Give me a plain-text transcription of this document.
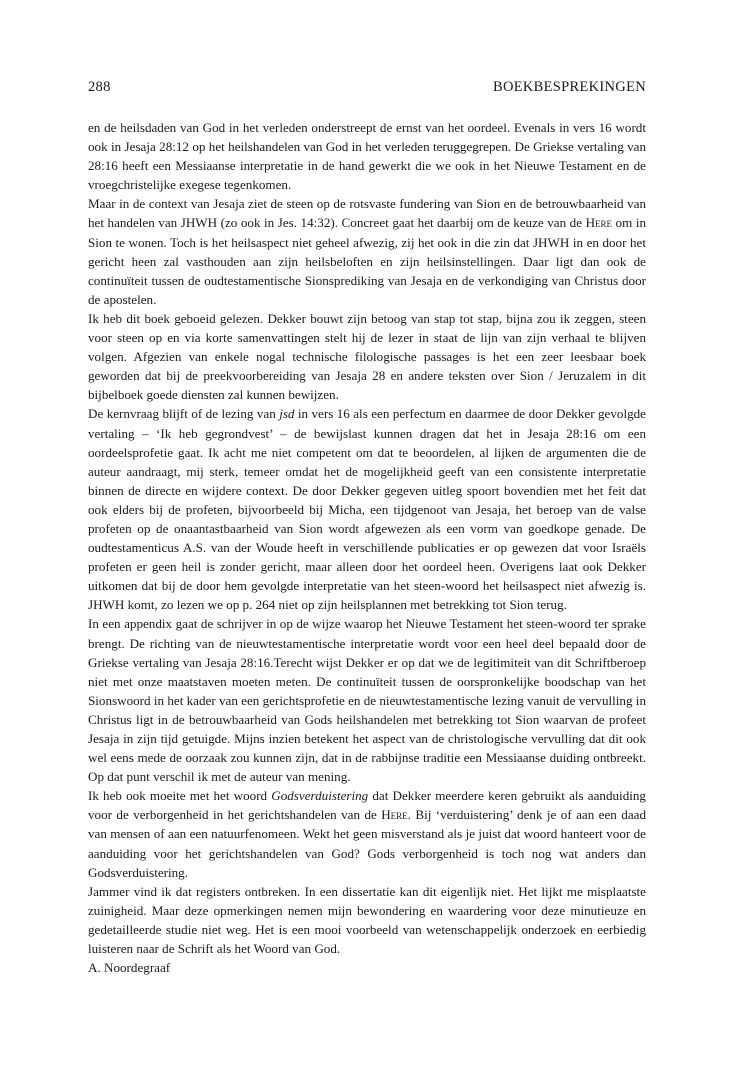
288	BOEKBESPREKINGEN

en de heilsdaden van God in het verleden onderstreept de ernst van het oordeel. Evenals in vers 16 wordt ook in Jesaja 28:12 op het heilshandelen van God in het verleden teruggegrepen. De Griekse vertaling van 28:16 heeft een Messiaanse interpretatie in de hand gewerkt die we ook in het Nieuwe Testament en de vroegchristelijke exegese tegenkomen.

Maar in de context van Jesaja ziet de steen op de rotsvaste fundering van Sion en de betrouwbaarheid van het handelen van JHWH (zo ook in Jes. 14:32). Concreet gaat het daarbij om de keuze van de Here om in Sion te wonen. Toch is het heilsaspect niet geheel afwezig, zij het ook in die zin dat JHWH in en door het gericht heen zal vasthouden aan zijn heilsbeloften en zijn heilsinstellingen. Daar ligt dan ook de continuïteit tussen de oudtestamentische Sionsprediking van Jesaja en de verkondiging van Christus door de apostelen.

Ik heb dit boek geboeid gelezen. Dekker bouwt zijn betoog van stap tot stap, bijna zou ik zeggen, steen voor steen op en via korte samenvattingen stelt hij de lezer in staat de lijn van zijn verhaal te blijven volgen. Afgezien van enkele nogal technische filologische passages is het een zeer leesbaar boek geworden dat bij de preekvoorbereiding van Jesaja 28 en andere teksten over Sion / Jeruzalem in dit bijbelboek goede diensten zal kunnen bewijzen.

De kernvraag blijft of de lezing van jsd in vers 16 als een perfectum en daarmee de door Dekker gevolgde vertaling – ‘Ik heb gegrondvest’ – de bewijslast kunnen dragen dat het in Jesaja 28:16 om een oordeelsprofetie gaat. Ik acht me niet competent om dat te beoordelen, al lijken de argumenten die de auteur aandraagt, mij sterk, temeer omdat het de mogelijkheid geeft van een consistente interpretatie binnen de directe en wijdere context. De door Dekker gegeven uitleg spoort bovendien met het feit dat ook elders bij de profeten, bijvoorbeeld bij Micha, een tijdgenoot van Jesaja, het beroep van de valse profeten op de onaantastbaarheid van Sion wordt afgewezen als een vorm van goedkope genade. De oudtestamenticus A.S. van der Woude heeft in verschillende publicaties er op gewezen dat voor Israëls profeten er geen heil is zonder gericht, maar alleen door het oordeel heen. Overigens laat ook Dekker uitkomen dat bij de door hem gevolgde interpretatie van het steen-woord het heilsaspect niet afwezig is. JHWH komt, zo lezen we op p. 264 niet op zijn heilsplannen met betrekking tot Sion terug.

In een appendix gaat de schrijver in op de wijze waarop het Nieuwe Testament het steen-woord ter sprake brengt. De richting van de nieuwtestamentische interpretatie wordt voor een heel deel bepaald door de Griekse vertaling van Jesaja 28:16.Terecht wijst Dekker er op dat we de legitimiteit van dit Schriftberoep niet met onze maatstaven moeten meten. De continuïteit tussen de oorspronkelijke boodschap van het Sionswoord in het kader van een gerichtsprofetie en de nieuwtestamentische lezing vanuit de vervulling in Christus ligt in de betrouwbaarheid van Gods heilshandelen met betrekking tot Sion waarvan de profeet Jesaja in zijn tijd getuigde. Mijns inzien betekent het aspect van de christologische vervulling dat dit ook wel eens mede de oorzaak zou kunnen zijn, dat in de rabbijnse traditie een Messiaanse duiding ontbreekt. Op dat punt verschil ik met de auteur van mening.

Ik heb ook moeite met het woord Godsverduistering dat Dekker meerdere keren gebruikt als aanduiding voor de verborgenheid in het gerichtshandelen van de Here. Bij ‘verduistering’ denk je of aan een daad van mensen of aan een natuurfenomeen. Wekt het geen misverstand als je juist dat woord hanteert voor de aanduiding voor het gerichtshandelen van God? Gods verborgenheid is toch nog wat anders dan Godsverduistering.

Jammer vind ik dat registers ontbreken. In een dissertatie kan dit eigenlijk niet. Het lijkt me misplaatste zuinigheid. Maar deze opmerkingen nemen mijn bewondering en waardering voor deze minutieuze en gedetailleerde studie niet weg. Het is een mooi voorbeeld van wetenschappelijk onderzoek en eerbiedig luisteren naar de Schrift als het Woord van God.

A. Noordegraaf
